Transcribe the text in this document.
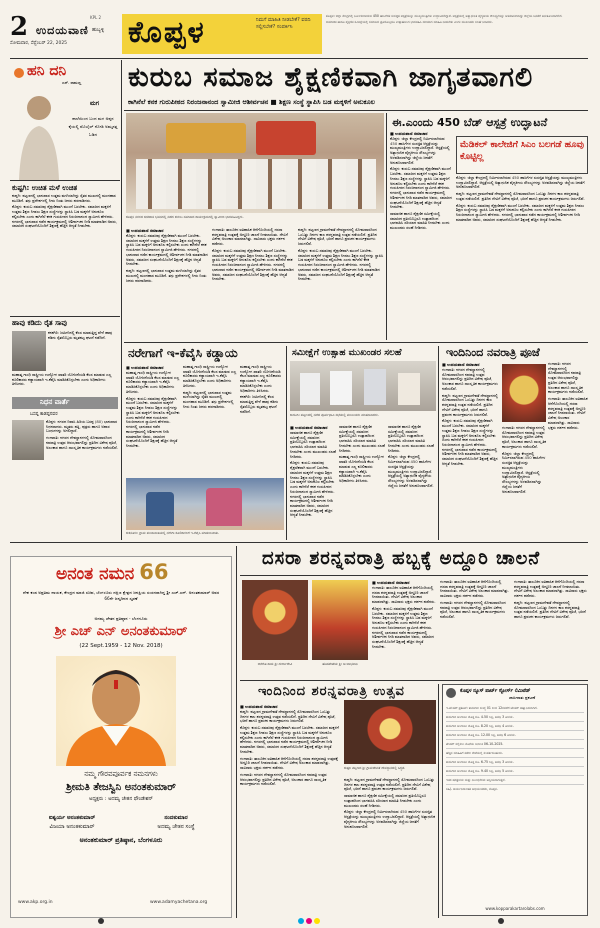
2	KPL 2
ಉದಯವಾಣಿ ಹುಬ್ಬಳ್ಳಿ
ಸೋಮವಾರ, ಸೆಪ್ಟೆಂಬರ್ 22, 2025 ಕೊಪ್ಪಳ	ನಿಮಗೆ ಮಾಹಿತಿ ನೀಡಬೇಕೆ? ವರದಿ ಸಲ್ಲಿಸಬೇಕೆ? ಸಂಪರ್ಕಿಸಿ

ಕೊಪ್ಪಳ: ಜಿಲ್ಲಾ ಕೇಂದ್ರದಲ್ಲಿ ನಿರ್ಮಿಸಲಾಗಿರುವ 450 ಹಾಸಿಗೆಗಳ ಸುಸಜ್ಜಿತ ಆಸ್ಪತ್ರೆಯನ್ನು ಮುಖ್ಯಮಂತ್ರಿಗಳು ಉದ್ಘಾಟಿಸಲಿದ್ದಾರೆ. ಆಸ್ಪತ್ರೆಯಲ್ಲಿ ಅತ್ಯಾಧುನಿಕ ವೈದ್ಯಕೀಯ ಸೌಲಭ್ಯಗಳನ್ನು ಅಳವಡಿಸಲಾಗಿದ್ದು ಜಿಲ್ಲೆಯ ಜನತೆಗೆ ಅನುಕೂಲವಾಗಲಿದೆ.

ಸಾಮಾಜಿಕ ಹಾಗೂ ಶೈಕ್ಷಣಿಕ ಸಮೀಕ್ಷೆಯಲ್ಲಿ ಸಮಾಜದ ಪ್ರತಿಯೊಬ್ಬರೂ ಉತ್ಸಾಹದಿಂದ ಭಾಗವಹಿಸಿ ಸರಿಯಾದ ಮಾಹಿತಿ ನೀಡಬೇಕು ಎಂದು ಮುಖಂಡರು ಸಲಹೆ ನೀಡಿದರು.

ಹನಿ ದನಿ
ಎಸ್. ರಾಮಣ್ಣ
ಮಗ
ಶಾಲೆಯಿಂದ ಬಂದ ಮಗ ಅಪ್ಪನ ಕೈಯಲ್ಲಿ ಮೊಬೈಲ್ ನೋಡಿ ಅಮ್ಮನತ್ತ ಓಡಿದ
ಕುಷ್ಟಗಿ: ಉಚಿತ ಮಳೆ ಉಚಿತ

ಕುಷ್ಟಗಿ: ಪಟ್ಟಣದಲ್ಲಿ ಭಾನುವಾರ ಉತ್ತಮ ಮಳೆಯಾಗಿದ್ದು ರೈತರ ಮುಖದಲ್ಲಿ ಮಂದಹಾಸ ಮೂಡಿದೆ. ತಗ್ಗು ಪ್ರದೇಶಗಳಲ್ಲಿ ನೀರು ನಿಂತು ಜನರು ಪರದಾಡಿದರು.

ಕೊಪ್ಪಳ: ಕುರುಬ ಸಮಾಜವು ಶೈಕ್ಷಣಿಕವಾಗಿ ಮುಂದೆ ಬರಬೇಕು. ಸಮಾಜದ ಮಕ್ಕಳಿಗೆ ಉತ್ತಮ ಶಿಕ್ಷಣ ನೀಡಲು ಶಿಕ್ಷಣ ಸಂಸ್ಥೆಗಳನ್ನು ಸ್ಥಾಪಿಸಿ ಬಡ ಮಕ್ಕಳಿಗೆ ಅನುಕೂಲ ಕಲ್ಪಿಸಬೇಕು ಎಂದು ಕಾಗಿನೆಲೆ ಕನಕ ಗುರುಪೀಠದ ನಿರಂಜನಾನಂದ ಸ್ವಾಮೀಜಿ ಹೇಳಿದರು. ನಗರದಲ್ಲಿ ಭಾನುವಾರ ನಡೆದ ಕಾರ್ಯಕ್ರಮದಲ್ಲಿ ಆಶೀರ್ವಚನ ನೀಡಿ ಮಾತನಾಡಿದ ಅವರು, ಸಮಾಜದ ಸಂಘಟನೆಯೊಂದಿಗೆ ಶಿಕ್ಷಣಕ್ಕೆ ಹೆಚ್ಚಿನ ಆದ್ಯತೆ ನೀಡಬೇಕು.

ಹಾವು ಕಡಿದು ರೈತ ಸಾವು

ಕನಕಗಿರಿ: ಜಮೀನಿನಲ್ಲಿ ಕೆಲಸ ಮಾಡುತ್ತಿದ್ದ ವೇಳೆ ಹಾವು ಕಡಿದು ರೈತರೊಬ್ಬರು ಮೃತಪಟ್ಟ ಘಟನೆ ನಡೆದಿದೆ.

ಮಹಾತ್ಮ ಗಾಂಧಿ ರಾಷ್ಟ್ರೀಯ ಉದ್ಯೋಗ ಖಾತರಿ ಯೋಜನೆಯಡಿ ಕೆಲಸ ಮಾಡುವ ಎಲ್ಲ ಕೂಲಿಕಾರರು ಕಡ್ಡಾಯವಾಗಿ ಇ-ಕೆವೈಸಿ ಮಾಡಿಸಿಕೊಳ್ಳಬೇಕು ಎಂದು ಅಧಿಕಾರಿಗಳು ತಿಳಿಸಿದರು.

ನಿಧನ ವಾರ್ತೆ
ಬಸಪ್ಪ ಕಾಡಪ್ಪನವರ

ಕೊಪ್ಪಳ: ನಗರದ ನಿವಾಸಿ ಹಿರಿಯ ಬಸಪ್ಪ (80) ಭಾನುವಾರ ನಿಧನರಾದರು. ಮೃತರು ಪತ್ನಿ, ಪುತ್ರರು ಹಾಗೂ ಅಪಾರ ಬಂಧುಗಳನ್ನು ಅಗಲಿದ್ದಾರೆ.

ಗಂಗಾವತಿ: ನಗರದ ದೇವಸ್ಥಾನಗಳಲ್ಲಿ ಸೋಮವಾರದಿಂದ ನವರಾತ್ರಿ ಉತ್ಸವ ಆರಂಭವಾಗಲಿದ್ದು ಪ್ರತಿದಿನ ವಿಶೇಷ ಪೂಜೆ, ಅಲಂಕಾರ ಹಾಗೂ ಸಾಂಸ್ಕೃತಿಕ ಕಾರ್ಯಕ್ರಮಗಳು ನಡೆಯಲಿವೆ.

ಕುರುಬ ಸಮಾಜ ಶೈಕ್ಷಣಿಕವಾಗಿ ಜಾಗೃತವಾಗಲಿ
ಕಾಗಿನೆಲೆ ಕನಕ ಗುರುಪೀಠದ ನಿರಂಜನಾನಂದ ಸ್ವಾಮೀಜಿ ಆಶೀರ್ವಚನ ■ ಶಿಕ್ಷಣ ಸಂಸ್ಥೆ ಸ್ಥಾಪಿಸಿ ಬಡ ಮಕ್ಕಳಿಗೆ ಅನುಕೂಲ
ಕೊಪ್ಪಳ ನಗರದ ಕನಕದಾಸ ಭವನದಲ್ಲಿ ನಡೆದ ಕುರುಬ ಸಮಾಜದ ಕಾರ್ಯಕ್ರಮದಲ್ಲಿ ಸ್ವಾಮೀಜಿ ಭಾಗವಹಿಸಿದ್ದರು.
■ ಉದಯವಾಣಿ ಸಮಾಚಾರ

ಕೊಪ್ಪಳ: ಕುರುಬ ಸಮಾಜವು ಶೈಕ್ಷಣಿಕವಾಗಿ ಮುಂದೆ ಬರಬೇಕು. ಸಮಾಜದ ಮಕ್ಕಳಿಗೆ ಉತ್ತಮ ಶಿಕ್ಷಣ ನೀಡಲು ಶಿಕ್ಷಣ ಸಂಸ್ಥೆಗಳನ್ನು ಸ್ಥಾಪಿಸಿ ಬಡ ಮಕ್ಕಳಿಗೆ ಅನುಕೂಲ ಕಲ್ಪಿಸಬೇಕು ಎಂದು ಕಾಗಿನೆಲೆ ಕನಕ ಗುರುಪೀಠದ ನಿರಂಜನಾನಂದ ಸ್ವಾಮೀಜಿ ಹೇಳಿದರು. ನಗರದಲ್ಲಿ ಭಾನುವಾರ ನಡೆದ ಕಾರ್ಯಕ್ರಮದಲ್ಲಿ ಆಶೀರ್ವಚನ ನೀಡಿ ಮಾತನಾಡಿದ ಅವರು, ಸಮಾಜದ ಸಂಘಟನೆಯೊಂದಿಗೆ ಶಿಕ್ಷಣಕ್ಕೆ ಹೆಚ್ಚಿನ ಆದ್ಯತೆ ನೀಡಬೇಕು.

ಕುಷ್ಟಗಿ: ಪಟ್ಟಣದಲ್ಲಿ ಭಾನುವಾರ ಉತ್ತಮ ಮಳೆಯಾಗಿದ್ದು ರೈತರ ಮುಖದಲ್ಲಿ ಮಂದಹಾಸ ಮೂಡಿದೆ. ತಗ್ಗು ಪ್ರದೇಶಗಳಲ್ಲಿ ನೀರು ನಿಂತು ಜನರು ಪರದಾಡಿದರು.

ಗಂಗಾವತಿ: ತಾಲೂಕಿನ ಐತಿಹಾಸಿಕ ಆನೆಗೊಂದಿಯಲ್ಲಿ ದಸರಾ ಶರನ್ನವರಾತ್ರಿ ಉತ್ಸವಕ್ಕೆ ಅದ್ದೂರಿ ಚಾಲನೆ ನೀಡಲಾಯಿತು. ದೇವಿಗೆ ವಿಶೇಷ ಅಲಂಕಾರ ಮಾಡಲಾಗಿತ್ತು. ಸಾವಿರಾರು ಭಕ್ತರು ದರ್ಶನ ಪಡೆದರು.

ಕೊಪ್ಪಳ: ಕುರುಬ ಸಮಾಜವು ಶೈಕ್ಷಣಿಕವಾಗಿ ಮುಂದೆ ಬರಬೇಕು. ಸಮಾಜದ ಮಕ್ಕಳಿಗೆ ಉತ್ತಮ ಶಿಕ್ಷಣ ನೀಡಲು ಶಿಕ್ಷಣ ಸಂಸ್ಥೆಗಳನ್ನು ಸ್ಥಾಪಿಸಿ ಬಡ ಮಕ್ಕಳಿಗೆ ಅನುಕೂಲ ಕಲ್ಪಿಸಬೇಕು ಎಂದು ಕಾಗಿನೆಲೆ ಕನಕ ಗುರುಪೀಠದ ನಿರಂಜನಾನಂದ ಸ್ವಾಮೀಜಿ ಹೇಳಿದರು. ನಗರದಲ್ಲಿ ಭಾನುವಾರ ನಡೆದ ಕಾರ್ಯಕ್ರಮದಲ್ಲಿ ಆಶೀರ್ವಚನ ನೀಡಿ ಮಾತನಾಡಿದ ಅವರು, ಸಮಾಜದ ಸಂಘಟನೆಯೊಂದಿಗೆ ಶಿಕ್ಷಣಕ್ಕೆ ಹೆಚ್ಚಿನ ಆದ್ಯತೆ ನೀಡಬೇಕು.

ಕುಷ್ಟಗಿ: ಪಟ್ಟಣದ ಗ್ರಾಮದೇವತೆ ದೇವಸ್ಥಾನದಲ್ಲಿ ಸೋಮವಾರದಿಂದ ಒಂಬತ್ತು ದಿನಗಳ ಕಾಲ ಶರನ್ನವರಾತ್ರಿ ಉತ್ಸವ ನಡೆಯಲಿದೆ. ಪ್ರತಿದಿನ ದೇವಿಗೆ ವಿಶೇಷ ಪೂಜೆ, ಭಜನೆ ಹಾಗೂ ಪ್ರವಚನ ಕಾರ್ಯಕ್ರಮಗಳು ಜರುಗಲಿವೆ.

ಕೊಪ್ಪಳ: ಕುರುಬ ಸಮಾಜವು ಶೈಕ್ಷಣಿಕವಾಗಿ ಮುಂದೆ ಬರಬೇಕು. ಸಮಾಜದ ಮಕ್ಕಳಿಗೆ ಉತ್ತಮ ಶಿಕ್ಷಣ ನೀಡಲು ಶಿಕ್ಷಣ ಸಂಸ್ಥೆಗಳನ್ನು ಸ್ಥಾಪಿಸಿ ಬಡ ಮಕ್ಕಳಿಗೆ ಅನುಕೂಲ ಕಲ್ಪಿಸಬೇಕು ಎಂದು ಕಾಗಿನೆಲೆ ಕನಕ ಗುರುಪೀಠದ ನಿರಂಜನಾನಂದ ಸ್ವಾಮೀಜಿ ಹೇಳಿದರು. ನಗರದಲ್ಲಿ ಭಾನುವಾರ ನಡೆದ ಕಾರ್ಯಕ್ರಮದಲ್ಲಿ ಆಶೀರ್ವಚನ ನೀಡಿ ಮಾತನಾಡಿದ ಅವರು, ಸಮಾಜದ ಸಂಘಟನೆಯೊಂದಿಗೆ ಶಿಕ್ಷಣಕ್ಕೆ ಹೆಚ್ಚಿನ ಆದ್ಯತೆ ನೀಡಬೇಕು.

ಈ.ಎಂಂದು 450 ಬೆಡ್ ಆಸ್ಪತ್ರೆ ಉದ್ಘಾಟನೆ
■ ಉದಯವಾಣಿ ಸಮಾಚಾರ

ಕೊಪ್ಪಳ: ಜಿಲ್ಲಾ ಕೇಂದ್ರದಲ್ಲಿ ನಿರ್ಮಿಸಲಾಗಿರುವ 450 ಹಾಸಿಗೆಗಳ ಸುಸಜ್ಜಿತ ಆಸ್ಪತ್ರೆಯನ್ನು ಮುಖ್ಯಮಂತ್ರಿಗಳು ಉದ್ಘಾಟಿಸಲಿದ್ದಾರೆ. ಆಸ್ಪತ್ರೆಯಲ್ಲಿ ಅತ್ಯಾಧುನಿಕ ವೈದ್ಯಕೀಯ ಸೌಲಭ್ಯಗಳನ್ನು ಅಳವಡಿಸಲಾಗಿದ್ದು ಜಿಲ್ಲೆಯ ಜನತೆಗೆ ಅನುಕೂಲವಾಗಲಿದೆ.

ಕೊಪ್ಪಳ: ಕುರುಬ ಸಮಾಜವು ಶೈಕ್ಷಣಿಕವಾಗಿ ಮುಂದೆ ಬರಬೇಕು. ಸಮಾಜದ ಮಕ್ಕಳಿಗೆ ಉತ್ತಮ ಶಿಕ್ಷಣ ನೀಡಲು ಶಿಕ್ಷಣ ಸಂಸ್ಥೆಗಳನ್ನು ಸ್ಥಾಪಿಸಿ ಬಡ ಮಕ್ಕಳಿಗೆ ಅನುಕೂಲ ಕಲ್ಪಿಸಬೇಕು ಎಂದು ಕಾಗಿನೆಲೆ ಕನಕ ಗುರುಪೀಠದ ನಿರಂಜನಾನಂದ ಸ್ವಾಮೀಜಿ ಹೇಳಿದರು. ನಗರದಲ್ಲಿ ಭಾನುವಾರ ನಡೆದ ಕಾರ್ಯಕ್ರಮದಲ್ಲಿ ಆಶೀರ್ವಚನ ನೀಡಿ ಮಾತನಾಡಿದ ಅವರು, ಸಮಾಜದ ಸಂಘಟನೆಯೊಂದಿಗೆ ಶಿಕ್ಷಣಕ್ಕೆ ಹೆಚ್ಚಿನ ಆದ್ಯತೆ ನೀಡಬೇಕು.

ಸಾಮಾಜಿಕ ಹಾಗೂ ಶೈಕ್ಷಣಿಕ ಸಮೀಕ್ಷೆಯಲ್ಲಿ ಸಮಾಜದ ಪ್ರತಿಯೊಬ್ಬರೂ ಉತ್ಸಾಹದಿಂದ ಭಾಗವಹಿಸಿ ಸರಿಯಾದ ಮಾಹಿತಿ ನೀಡಬೇಕು ಎಂದು ಮುಖಂಡರು ಸಲಹೆ ನೀಡಿದರು.

ಮೆಡಿಕಲ್ ಕಾಲೇಜಿಗೆ ಸಿಎಂ ಬಲಗಡೆ ಹೂವು ಕೊಟ್ಟಿಲ್ಲ

ಕೊಪ್ಪಳ: ಜಿಲ್ಲಾ ಕೇಂದ್ರದಲ್ಲಿ ನಿರ್ಮಿಸಲಾಗಿರುವ 450 ಹಾಸಿಗೆಗಳ ಸುಸಜ್ಜಿತ ಆಸ್ಪತ್ರೆಯನ್ನು ಮುಖ್ಯಮಂತ್ರಿಗಳು ಉದ್ಘಾಟಿಸಲಿದ್ದಾರೆ. ಆಸ್ಪತ್ರೆಯಲ್ಲಿ ಅತ್ಯಾಧುನಿಕ ವೈದ್ಯಕೀಯ ಸೌಲಭ್ಯಗಳನ್ನು ಅಳವಡಿಸಲಾಗಿದ್ದು ಜಿಲ್ಲೆಯ ಜನತೆಗೆ ಅನುಕೂಲವಾಗಲಿದೆ.

ಕುಷ್ಟಗಿ: ಪಟ್ಟಣದ ಗ್ರಾಮದೇವತೆ ದೇವಸ್ಥಾನದಲ್ಲಿ ಸೋಮವಾರದಿಂದ ಒಂಬತ್ತು ದಿನಗಳ ಕಾಲ ಶರನ್ನವರಾತ್ರಿ ಉತ್ಸವ ನಡೆಯಲಿದೆ. ಪ್ರತಿದಿನ ದೇವಿಗೆ ವಿಶೇಷ ಪೂಜೆ, ಭಜನೆ ಹಾಗೂ ಪ್ರವಚನ ಕಾರ್ಯಕ್ರಮಗಳು ಜರುಗಲಿವೆ.

ಕೊಪ್ಪಳ: ಕುರುಬ ಸಮಾಜವು ಶೈಕ್ಷಣಿಕವಾಗಿ ಮುಂದೆ ಬರಬೇಕು. ಸಮಾಜದ ಮಕ್ಕಳಿಗೆ ಉತ್ತಮ ಶಿಕ್ಷಣ ನೀಡಲು ಶಿಕ್ಷಣ ಸಂಸ್ಥೆಗಳನ್ನು ಸ್ಥಾಪಿಸಿ ಬಡ ಮಕ್ಕಳಿಗೆ ಅನುಕೂಲ ಕಲ್ಪಿಸಬೇಕು ಎಂದು ಕಾಗಿನೆಲೆ ಕನಕ ಗುರುಪೀಠದ ನಿರಂಜನಾನಂದ ಸ್ವಾಮೀಜಿ ಹೇಳಿದರು. ನಗರದಲ್ಲಿ ಭಾನುವಾರ ನಡೆದ ಕಾರ್ಯಕ್ರಮದಲ್ಲಿ ಆಶೀರ್ವಚನ ನೀಡಿ ಮಾತನಾಡಿದ ಅವರು, ಸಮಾಜದ ಸಂಘಟನೆಯೊಂದಿಗೆ ಶಿಕ್ಷಣಕ್ಕೆ ಹೆಚ್ಚಿನ ಆದ್ಯತೆ ನೀಡಬೇಕು.

ನರೇಗಾಗೆ ಇ-ಕೆವೈಸಿ ಕಡ್ಡಾಯ
■ ಉದಯವಾಣಿ ಸಮಾಚಾರ

ಮಹಾತ್ಮ ಗಾಂಧಿ ರಾಷ್ಟ್ರೀಯ ಉದ್ಯೋಗ ಖಾತರಿ ಯೋಜನೆಯಡಿ ಕೆಲಸ ಮಾಡುವ ಎಲ್ಲ ಕೂಲಿಕಾರರು ಕಡ್ಡಾಯವಾಗಿ ಇ-ಕೆವೈಸಿ ಮಾಡಿಸಿಕೊಳ್ಳಬೇಕು ಎಂದು ಅಧಿಕಾರಿಗಳು ತಿಳಿಸಿದರು.

ಕೊಪ್ಪಳ: ಕುರುಬ ಸಮಾಜವು ಶೈಕ್ಷಣಿಕವಾಗಿ ಮುಂದೆ ಬರಬೇಕು. ಸಮಾಜದ ಮಕ್ಕಳಿಗೆ ಉತ್ತಮ ಶಿಕ್ಷಣ ನೀಡಲು ಶಿಕ್ಷಣ ಸಂಸ್ಥೆಗಳನ್ನು ಸ್ಥಾಪಿಸಿ ಬಡ ಮಕ್ಕಳಿಗೆ ಅನುಕೂಲ ಕಲ್ಪಿಸಬೇಕು ಎಂದು ಕಾಗಿನೆಲೆ ಕನಕ ಗುರುಪೀಠದ ನಿರಂಜನಾನಂದ ಸ್ವಾಮೀಜಿ ಹೇಳಿದರು. ನಗರದಲ್ಲಿ ಭಾನುವಾರ ನಡೆದ ಕಾರ್ಯಕ್ರಮದಲ್ಲಿ ಆಶೀರ್ವಚನ ನೀಡಿ ಮಾತನಾಡಿದ ಅವರು, ಸಮಾಜದ ಸಂಘಟನೆಯೊಂದಿಗೆ ಶಿಕ್ಷಣಕ್ಕೆ ಹೆಚ್ಚಿನ ಆದ್ಯತೆ ನೀಡಬೇಕು.

ಮಹಾತ್ಮ ಗಾಂಧಿ ರಾಷ್ಟ್ರೀಯ ಉದ್ಯೋಗ ಖಾತರಿ ಯೋಜನೆಯಡಿ ಕೆಲಸ ಮಾಡುವ ಎಲ್ಲ ಕೂಲಿಕಾರರು ಕಡ್ಡಾಯವಾಗಿ ಇ-ಕೆವೈಸಿ ಮಾಡಿಸಿಕೊಳ್ಳಬೇಕು ಎಂದು ಅಧಿಕಾರಿಗಳು ತಿಳಿಸಿದರು.

ಕುಷ್ಟಗಿ: ಪಟ್ಟಣದಲ್ಲಿ ಭಾನುವಾರ ಉತ್ತಮ ಮಳೆಯಾಗಿದ್ದು ರೈತರ ಮುಖದಲ್ಲಿ ಮಂದಹಾಸ ಮೂಡಿದೆ. ತಗ್ಗು ಪ್ರದೇಶಗಳಲ್ಲಿ ನೀರು ನಿಂತು ಜನರು ಪರದಾಡಿದರು.

ಮಹಾತ್ಮ ಗಾಂಧಿ ರಾಷ್ಟ್ರೀಯ ಉದ್ಯೋಗ ಖಾತರಿ ಯೋಜನೆಯಡಿ ಕೆಲಸ ಮಾಡುವ ಎಲ್ಲ ಕೂಲಿಕಾರರು ಕಡ್ಡಾಯವಾಗಿ ಇ-ಕೆವೈಸಿ ಮಾಡಿಸಿಕೊಳ್ಳಬೇಕು ಎಂದು ಅಧಿಕಾರಿಗಳು ತಿಳಿಸಿದರು.

ಕನಕಗಿರಿ: ಜಮೀನಿನಲ್ಲಿ ಕೆಲಸ ಮಾಡುತ್ತಿದ್ದ ವೇಳೆ ಹಾವು ಕಡಿದು ರೈತರೊಬ್ಬರು ಮೃತಪಟ್ಟ ಘಟನೆ ನಡೆದಿದೆ.

ಕುಕನೂರು: ಗ್ರಾಮ ಪಂಚಾಯಿತಿಯಲ್ಲಿ ನರೇಗಾ ಕೂಲಿಕಾರರಿಗೆ ಇ-ಕೆವೈಸಿ ಮಾಡಲಾಯಿತು.
ಸಮೀಕ್ಷೆಗೆ ಉತ್ಸಾಹ ಮುಖಂಡರ ಸಲಹೆ
ಕಾರಟಗಿ: ಪಟ್ಟಣದಲ್ಲಿ ನಡೆದ ಪೂರ್ವಭಾವಿ ಸಭೆಯಲ್ಲಿ ಮುಖಂಡರು ಮಾತನಾಡಿದರು.
■ ಉದಯವಾಣಿ ಸಮಾಚಾರ

ಸಾಮಾಜಿಕ ಹಾಗೂ ಶೈಕ್ಷಣಿಕ ಸಮೀಕ್ಷೆಯಲ್ಲಿ ಸಮಾಜದ ಪ್ರತಿಯೊಬ್ಬರೂ ಉತ್ಸಾಹದಿಂದ ಭಾಗವಹಿಸಿ ಸರಿಯಾದ ಮಾಹಿತಿ ನೀಡಬೇಕು ಎಂದು ಮುಖಂಡರು ಸಲಹೆ ನೀಡಿದರು.

ಕೊಪ್ಪಳ: ಕುರುಬ ಸಮಾಜವು ಶೈಕ್ಷಣಿಕವಾಗಿ ಮುಂದೆ ಬರಬೇಕು. ಸಮಾಜದ ಮಕ್ಕಳಿಗೆ ಉತ್ತಮ ಶಿಕ್ಷಣ ನೀಡಲು ಶಿಕ್ಷಣ ಸಂಸ್ಥೆಗಳನ್ನು ಸ್ಥಾಪಿಸಿ ಬಡ ಮಕ್ಕಳಿಗೆ ಅನುಕೂಲ ಕಲ್ಪಿಸಬೇಕು ಎಂದು ಕಾಗಿನೆಲೆ ಕನಕ ಗುರುಪೀಠದ ನಿರಂಜನಾನಂದ ಸ್ವಾಮೀಜಿ ಹೇಳಿದರು. ನಗರದಲ್ಲಿ ಭಾನುವಾರ ನಡೆದ ಕಾರ್ಯಕ್ರಮದಲ್ಲಿ ಆಶೀರ್ವಚನ ನೀಡಿ ಮಾತನಾಡಿದ ಅವರು, ಸಮಾಜದ ಸಂಘಟನೆಯೊಂದಿಗೆ ಶಿಕ್ಷಣಕ್ಕೆ ಹೆಚ್ಚಿನ ಆದ್ಯತೆ ನೀಡಬೇಕು.

ಸಾಮಾಜಿಕ ಹಾಗೂ ಶೈಕ್ಷಣಿಕ ಸಮೀಕ್ಷೆಯಲ್ಲಿ ಸಮಾಜದ ಪ್ರತಿಯೊಬ್ಬರೂ ಉತ್ಸಾಹದಿಂದ ಭಾಗವಹಿಸಿ ಸರಿಯಾದ ಮಾಹಿತಿ ನೀಡಬೇಕು ಎಂದು ಮುಖಂಡರು ಸಲಹೆ ನೀಡಿದರು.

ಮಹಾತ್ಮ ಗಾಂಧಿ ರಾಷ್ಟ್ರೀಯ ಉದ್ಯೋಗ ಖಾತರಿ ಯೋಜನೆಯಡಿ ಕೆಲಸ ಮಾಡುವ ಎಲ್ಲ ಕೂಲಿಕಾರರು ಕಡ್ಡಾಯವಾಗಿ ಇ-ಕೆವೈಸಿ ಮಾಡಿಸಿಕೊಳ್ಳಬೇಕು ಎಂದು ಅಧಿಕಾರಿಗಳು ತಿಳಿಸಿದರು.

ಸಾಮಾಜಿಕ ಹಾಗೂ ಶೈಕ್ಷಣಿಕ ಸಮೀಕ್ಷೆಯಲ್ಲಿ ಸಮಾಜದ ಪ್ರತಿಯೊಬ್ಬರೂ ಉತ್ಸಾಹದಿಂದ ಭಾಗವಹಿಸಿ ಸರಿಯಾದ ಮಾಹಿತಿ ನೀಡಬೇಕು ಎಂದು ಮುಖಂಡರು ಸಲಹೆ ನೀಡಿದರು.

ಕೊಪ್ಪಳ: ಜಿಲ್ಲಾ ಕೇಂದ್ರದಲ್ಲಿ ನಿರ್ಮಿಸಲಾಗಿರುವ 450 ಹಾಸಿಗೆಗಳ ಸುಸಜ್ಜಿತ ಆಸ್ಪತ್ರೆಯನ್ನು ಮುಖ್ಯಮಂತ್ರಿಗಳು ಉದ್ಘಾಟಿಸಲಿದ್ದಾರೆ. ಆಸ್ಪತ್ರೆಯಲ್ಲಿ ಅತ್ಯಾಧುನಿಕ ವೈದ್ಯಕೀಯ ಸೌಲಭ್ಯಗಳನ್ನು ಅಳವಡಿಸಲಾಗಿದ್ದು ಜಿಲ್ಲೆಯ ಜನತೆಗೆ ಅನುಕೂಲವಾಗಲಿದೆ.

ಇಂದಿನಿಂದ ನವರಾತ್ರಿ ಪೂಜೆ
■ ಉದಯವಾಣಿ ಸಮಾಚಾರ

ಗಂಗಾವತಿ: ನಗರದ ದೇವಸ್ಥಾನಗಳಲ್ಲಿ ಸೋಮವಾರದಿಂದ ನವರಾತ್ರಿ ಉತ್ಸವ ಆರಂಭವಾಗಲಿದ್ದು ಪ್ರತಿದಿನ ವಿಶೇಷ ಪೂಜೆ, ಅಲಂಕಾರ ಹಾಗೂ ಸಾಂಸ್ಕೃತಿಕ ಕಾರ್ಯಕ್ರಮಗಳು ನಡೆಯಲಿವೆ.

ಕುಷ್ಟಗಿ: ಪಟ್ಟಣದ ಗ್ರಾಮದೇವತೆ ದೇವಸ್ಥಾನದಲ್ಲಿ ಸೋಮವಾರದಿಂದ ಒಂಬತ್ತು ದಿನಗಳ ಕಾಲ ಶರನ್ನವರಾತ್ರಿ ಉತ್ಸವ ನಡೆಯಲಿದೆ. ಪ್ರತಿದಿನ ದೇವಿಗೆ ವಿಶೇಷ ಪೂಜೆ, ಭಜನೆ ಹಾಗೂ ಪ್ರವಚನ ಕಾರ್ಯಕ್ರಮಗಳು ಜರುಗಲಿವೆ.

ಕೊಪ್ಪಳ: ಕುರುಬ ಸಮಾಜವು ಶೈಕ್ಷಣಿಕವಾಗಿ ಮುಂದೆ ಬರಬೇಕು. ಸಮಾಜದ ಮಕ್ಕಳಿಗೆ ಉತ್ತಮ ಶಿಕ್ಷಣ ನೀಡಲು ಶಿಕ್ಷಣ ಸಂಸ್ಥೆಗಳನ್ನು ಸ್ಥಾಪಿಸಿ ಬಡ ಮಕ್ಕಳಿಗೆ ಅನುಕೂಲ ಕಲ್ಪಿಸಬೇಕು ಎಂದು ಕಾಗಿನೆಲೆ ಕನಕ ಗುರುಪೀಠದ ನಿರಂಜನಾನಂದ ಸ್ವಾಮೀಜಿ ಹೇಳಿದರು. ನಗರದಲ್ಲಿ ಭಾನುವಾರ ನಡೆದ ಕಾರ್ಯಕ್ರಮದಲ್ಲಿ ಆಶೀರ್ವಚನ ನೀಡಿ ಮಾತನಾಡಿದ ಅವರು, ಸಮಾಜದ ಸಂಘಟನೆಯೊಂದಿಗೆ ಶಿಕ್ಷಣಕ್ಕೆ ಹೆಚ್ಚಿನ ಆದ್ಯತೆ ನೀಡಬೇಕು.

ಗಂಗಾವತಿ: ನಗರದ ದೇವಸ್ಥಾನಗಳಲ್ಲಿ ಸೋಮವಾರದಿಂದ ನವರಾತ್ರಿ ಉತ್ಸವ ಆರಂಭವಾಗಲಿದ್ದು ಪ್ರತಿದಿನ ವಿಶೇಷ ಪೂಜೆ, ಅಲಂಕಾರ ಹಾಗೂ ಸಾಂಸ್ಕೃತಿಕ ಕಾರ್ಯಕ್ರಮಗಳು ನಡೆಯಲಿವೆ.

ಗಂಗಾವತಿ: ತಾಲೂಕಿನ ಐತಿಹಾಸಿಕ ಆನೆಗೊಂದಿಯಲ್ಲಿ ದಸರಾ ಶರನ್ನವರಾತ್ರಿ ಉತ್ಸವಕ್ಕೆ ಅದ್ದೂರಿ ಚಾಲನೆ ನೀಡಲಾಯಿತು. ದೇವಿಗೆ ವಿಶೇಷ ಅಲಂಕಾರ ಮಾಡಲಾಗಿತ್ತು. ಸಾವಿರಾರು ಭಕ್ತರು ದರ್ಶನ ಪಡೆದರು.

ಗಂಗಾವತಿ: ನಗರದ ದೇವಸ್ಥಾನಗಳಲ್ಲಿ ಸೋಮವಾರದಿಂದ ನವರಾತ್ರಿ ಉತ್ಸವ ಆರಂಭವಾಗಲಿದ್ದು ಪ್ರತಿದಿನ ವಿಶೇಷ ಪೂಜೆ, ಅಲಂಕಾರ ಹಾಗೂ ಸಾಂಸ್ಕೃತಿಕ ಕಾರ್ಯಕ್ರಮಗಳು ನಡೆಯಲಿವೆ.

ಕೊಪ್ಪಳ: ಜಿಲ್ಲಾ ಕೇಂದ್ರದಲ್ಲಿ ನಿರ್ಮಿಸಲಾಗಿರುವ 450 ಹಾಸಿಗೆಗಳ ಸುಸಜ್ಜಿತ ಆಸ್ಪತ್ರೆಯನ್ನು ಮುಖ್ಯಮಂತ್ರಿಗಳು ಉದ್ಘಾಟಿಸಲಿದ್ದಾರೆ. ಆಸ್ಪತ್ರೆಯಲ್ಲಿ ಅತ್ಯಾಧುನಿಕ ವೈದ್ಯಕೀಯ ಸೌಲಭ್ಯಗಳನ್ನು ಅಳವಡಿಸಲಾಗಿದ್ದು ಜಿಲ್ಲೆಯ ಜನತೆಗೆ ಅನುಕೂಲವಾಗಲಿದೆ.

ಅನಂತ ನಮನ 66
ದೇಶ ಕಂಡ ಅಪ್ರತಿಮ ನಾಯಕ, ಕೇಂದ್ರದ ಮಾಜಿ ಸಚಿವ, ಬೆಂಗಳೂರು ದಕ್ಷಿಣ ಕ್ಷೇತ್ರದ ಜನಪ್ರಿಯ ಸಂಸದರಾಗಿದ್ದ ಶ್ರೀ ಎಚ್.ಎನ್. ಅನಂತಕುಮಾರ್ ಅವರ 66ನೇ ಜನ್ಮದಿನದ ಸ್ಮರಣೆ
ಅದಮ್ಯ ಚೇತನ ಪ್ರತಿಷ್ಠಾನ - ಬೆಂಗಳೂರು
ಶ್ರೀ ಎಚ್ ಎನ್ ಅನಂತಕುಮಾರ್
(22 Sept.1959 - 12 Nov. 2018)
ನಮ್ಮ ಗೌರವಪೂರ್ವಕ ನಮನಗಳು
ಶ್ರೀಮತಿ ತೇಜಸ್ವಿನಿ ಅನಂತಕುಮಾರ್
ಅಧ್ಯಕ್ಷರು : ಅದಮ್ಯ ಚೇತನ ಫೌಂಡೇಶನ್
ಐಶ್ವರ್ಯ ಅನಂತಕುಮಾರ್
ವಿಜಯಾ ಅನಂತಕುಮಾರ್
ನಂದಕುಮಾರ
ಅದಮ್ಯ ಚೇತನ ಸಂಸ್ಥೆ
ಅನಂತಕುಮಾರ್ ಪ್ರತಿಷ್ಠಾನ, ಬೆಂಗಳೂರು
www.akp.org.in	www.adamyachetana.org
ದಸರಾ ಶರನ್ನವರಾತ್ರಿ ಹಬ್ಬಕ್ಕೆ ಅದ್ದೂರಿ ಚಾಲನೆ
ಆನೆಗೊಂದಿಯ ಶ್ರೀ ದುರ್ಗಾದೇವಿ	ಹೊಸಪೇಟೆಯ ಶ್ರೀ ಅಂಬಾಭವಾನಿ
■ ಉದಯವಾಣಿ ಸಮಾಚಾರ

ಗಂಗಾವತಿ: ತಾಲೂಕಿನ ಐತಿಹಾಸಿಕ ಆನೆಗೊಂದಿಯಲ್ಲಿ ದಸರಾ ಶರನ್ನವರಾತ್ರಿ ಉತ್ಸವಕ್ಕೆ ಅದ್ದೂರಿ ಚಾಲನೆ ನೀಡಲಾಯಿತು. ದೇವಿಗೆ ವಿಶೇಷ ಅಲಂಕಾರ ಮಾಡಲಾಗಿತ್ತು. ಸಾವಿರಾರು ಭಕ್ತರು ದರ್ಶನ ಪಡೆದರು.

ಕೊಪ್ಪಳ: ಕುರುಬ ಸಮಾಜವು ಶೈಕ್ಷಣಿಕವಾಗಿ ಮುಂದೆ ಬರಬೇಕು. ಸಮಾಜದ ಮಕ್ಕಳಿಗೆ ಉತ್ತಮ ಶಿಕ್ಷಣ ನೀಡಲು ಶಿಕ್ಷಣ ಸಂಸ್ಥೆಗಳನ್ನು ಸ್ಥಾಪಿಸಿ ಬಡ ಮಕ್ಕಳಿಗೆ ಅನುಕೂಲ ಕಲ್ಪಿಸಬೇಕು ಎಂದು ಕಾಗಿನೆಲೆ ಕನಕ ಗುರುಪೀಠದ ನಿರಂಜನಾನಂದ ಸ್ವಾಮೀಜಿ ಹೇಳಿದರು. ನಗರದಲ್ಲಿ ಭಾನುವಾರ ನಡೆದ ಕಾರ್ಯಕ್ರಮದಲ್ಲಿ ಆಶೀರ್ವಚನ ನೀಡಿ ಮಾತನಾಡಿದ ಅವರು, ಸಮಾಜದ ಸಂಘಟನೆಯೊಂದಿಗೆ ಶಿಕ್ಷಣಕ್ಕೆ ಹೆಚ್ಚಿನ ಆದ್ಯತೆ ನೀಡಬೇಕು.

ಗಂಗಾವತಿ: ತಾಲೂಕಿನ ಐತಿಹಾಸಿಕ ಆನೆಗೊಂದಿಯಲ್ಲಿ ದಸರಾ ಶರನ್ನವರಾತ್ರಿ ಉತ್ಸವಕ್ಕೆ ಅದ್ದೂರಿ ಚಾಲನೆ ನೀಡಲಾಯಿತು. ದೇವಿಗೆ ವಿಶೇಷ ಅಲಂಕಾರ ಮಾಡಲಾಗಿತ್ತು. ಸಾವಿರಾರು ಭಕ್ತರು ದರ್ಶನ ಪಡೆದರು.

ಗಂಗಾವತಿ: ನಗರದ ದೇವಸ್ಥಾನಗಳಲ್ಲಿ ಸೋಮವಾರದಿಂದ ನವರಾತ್ರಿ ಉತ್ಸವ ಆರಂಭವಾಗಲಿದ್ದು ಪ್ರತಿದಿನ ವಿಶೇಷ ಪೂಜೆ, ಅಲಂಕಾರ ಹಾಗೂ ಸಾಂಸ್ಕೃತಿಕ ಕಾರ್ಯಕ್ರಮಗಳು ನಡೆಯಲಿವೆ.

ಗಂಗಾವತಿ: ತಾಲೂಕಿನ ಐತಿಹಾಸಿಕ ಆನೆಗೊಂದಿಯಲ್ಲಿ ದಸರಾ ಶರನ್ನವರಾತ್ರಿ ಉತ್ಸವಕ್ಕೆ ಅದ್ದೂರಿ ಚಾಲನೆ ನೀಡಲಾಯಿತು. ದೇವಿಗೆ ವಿಶೇಷ ಅಲಂಕಾರ ಮಾಡಲಾಗಿತ್ತು. ಸಾವಿರಾರು ಭಕ್ತರು ದರ್ಶನ ಪಡೆದರು.

ಕುಷ್ಟಗಿ: ಪಟ್ಟಣದ ಗ್ರಾಮದೇವತೆ ದೇವಸ್ಥಾನದಲ್ಲಿ ಸೋಮವಾರದಿಂದ ಒಂಬತ್ತು ದಿನಗಳ ಕಾಲ ಶರನ್ನವರಾತ್ರಿ ಉತ್ಸವ ನಡೆಯಲಿದೆ. ಪ್ರತಿದಿನ ದೇವಿಗೆ ವಿಶೇಷ ಪೂಜೆ, ಭಜನೆ ಹಾಗೂ ಪ್ರವಚನ ಕಾರ್ಯಕ್ರಮಗಳು ಜರುಗಲಿವೆ.

ಇಂದಿನಿಂದ ಶರನ್ನವರಾತ್ರಿ ಉತ್ಸವ
■ ಉದಯವಾಣಿ ಸಮಾಚಾರ

ಕುಷ್ಟಗಿ: ಪಟ್ಟಣದ ಗ್ರಾಮದೇವತೆ ದೇವಸ್ಥಾನದಲ್ಲಿ ಸೋಮವಾರದಿಂದ ಒಂಬತ್ತು ದಿನಗಳ ಕಾಲ ಶರನ್ನವರಾತ್ರಿ ಉತ್ಸವ ನಡೆಯಲಿದೆ. ಪ್ರತಿದಿನ ದೇವಿಗೆ ವಿಶೇಷ ಪೂಜೆ, ಭಜನೆ ಹಾಗೂ ಪ್ರವಚನ ಕಾರ್ಯಕ್ರಮಗಳು ಜರುಗಲಿವೆ.

ಕೊಪ್ಪಳ: ಕುರುಬ ಸಮಾಜವು ಶೈಕ್ಷಣಿಕವಾಗಿ ಮುಂದೆ ಬರಬೇಕು. ಸಮಾಜದ ಮಕ್ಕಳಿಗೆ ಉತ್ತಮ ಶಿಕ್ಷಣ ನೀಡಲು ಶಿಕ್ಷಣ ಸಂಸ್ಥೆಗಳನ್ನು ಸ್ಥಾಪಿಸಿ ಬಡ ಮಕ್ಕಳಿಗೆ ಅನುಕೂಲ ಕಲ್ಪಿಸಬೇಕು ಎಂದು ಕಾಗಿನೆಲೆ ಕನಕ ಗುರುಪೀಠದ ನಿರಂಜನಾನಂದ ಸ್ವಾಮೀಜಿ ಹೇಳಿದರು. ನಗರದಲ್ಲಿ ಭಾನುವಾರ ನಡೆದ ಕಾರ್ಯಕ್ರಮದಲ್ಲಿ ಆಶೀರ್ವಚನ ನೀಡಿ ಮಾತನಾಡಿದ ಅವರು, ಸಮಾಜದ ಸಂಘಟನೆಯೊಂದಿಗೆ ಶಿಕ್ಷಣಕ್ಕೆ ಹೆಚ್ಚಿನ ಆದ್ಯತೆ ನೀಡಬೇಕು.

ಗಂಗಾವತಿ: ತಾಲೂಕಿನ ಐತಿಹಾಸಿಕ ಆನೆಗೊಂದಿಯಲ್ಲಿ ದಸರಾ ಶರನ್ನವರಾತ್ರಿ ಉತ್ಸವಕ್ಕೆ ಅದ್ದೂರಿ ಚಾಲನೆ ನೀಡಲಾಯಿತು. ದೇವಿಗೆ ವಿಶೇಷ ಅಲಂಕಾರ ಮಾಡಲಾಗಿತ್ತು. ಸಾವಿರಾರು ಭಕ್ತರು ದರ್ಶನ ಪಡೆದರು.

ಗಂಗಾವತಿ: ನಗರದ ದೇವಸ್ಥಾನಗಳಲ್ಲಿ ಸೋಮವಾರದಿಂದ ನವರಾತ್ರಿ ಉತ್ಸವ ಆರಂಭವಾಗಲಿದ್ದು ಪ್ರತಿದಿನ ವಿಶೇಷ ಪೂಜೆ, ಅಲಂಕಾರ ಹಾಗೂ ಸಾಂಸ್ಕೃತಿಕ ಕಾರ್ಯಕ್ರಮಗಳು ನಡೆಯಲಿವೆ.

ಕುಷ್ಟಗಿ ಪಟ್ಟಣದ ಶ್ರೀ ಗ್ರಾಮದೇವತೆ ದೇವಸ್ಥಾನದಲ್ಲಿ ಸಿದ್ಧತೆ.

ಕುಷ್ಟಗಿ: ಪಟ್ಟಣದ ಗ್ರಾಮದೇವತೆ ದೇವಸ್ಥಾನದಲ್ಲಿ ಸೋಮವಾರದಿಂದ ಒಂಬತ್ತು ದಿನಗಳ ಕಾಲ ಶರನ್ನವರಾತ್ರಿ ಉತ್ಸವ ನಡೆಯಲಿದೆ. ಪ್ರತಿದಿನ ದೇವಿಗೆ ವಿಶೇಷ ಪೂಜೆ, ಭಜನೆ ಹಾಗೂ ಪ್ರವಚನ ಕಾರ್ಯಕ್ರಮಗಳು ಜರುಗಲಿವೆ.

ಸಾಮಾಜಿಕ ಹಾಗೂ ಶೈಕ್ಷಣಿಕ ಸಮೀಕ್ಷೆಯಲ್ಲಿ ಸಮಾಜದ ಪ್ರತಿಯೊಬ್ಬರೂ ಉತ್ಸಾಹದಿಂದ ಭಾಗವಹಿಸಿ ಸರಿಯಾದ ಮಾಹಿತಿ ನೀಡಬೇಕು ಎಂದು ಮುಖಂಡರು ಸಲಹೆ ನೀಡಿದರು.

ಕೊಪ್ಪಳ: ಜಿಲ್ಲಾ ಕೇಂದ್ರದಲ್ಲಿ ನಿರ್ಮಿಸಲಾಗಿರುವ 450 ಹಾಸಿಗೆಗಳ ಸುಸಜ್ಜಿತ ಆಸ್ಪತ್ರೆಯನ್ನು ಮುಖ್ಯಮಂತ್ರಿಗಳು ಉದ್ಘಾಟಿಸಲಿದ್ದಾರೆ. ಆಸ್ಪತ್ರೆಯಲ್ಲಿ ಅತ್ಯಾಧುನಿಕ ವೈದ್ಯಕೀಯ ಸೌಲಭ್ಯಗಳನ್ನು ಅಳವಡಿಸಲಾಗಿದ್ದು ಜಿಲ್ಲೆಯ ಜನತೆಗೆ ಅನುಕೂಲವಾಗಲಿದೆ.

ಕೊಪ್ಪಳ ನ್ಯೂಸ್ ಪಾರ್ಟ್ ಸ್ಟೋರ್ಸ್ ಲಿಮಿಟೆಡ್
ಜಾಹೀರಾತು ಪ್ರಕಟಣೆ
ಇ-ಟೆಂಡರ್ ಪ್ರಕಟಣೆ: ಕಾಮಗಾರಿ ಸಂಖ್ಯೆ 01 ರಿಂದ 12ರವರೆಗೆ ಟೆಂಡರ್ ಆಹ್ವಾನಿಸಲಾಗಿದೆ.
ಕಾಮಗಾರಿ ಅಂದಾಜು ಮೊತ್ತ ರೂ. 4.50 ಲಕ್ಷ, ಅವಧಿ 3 ತಿಂಗಳು.
ಕಾಮಗಾರಿ ಅಂದಾಜು ಮೊತ್ತ ರೂ. 8.20 ಲಕ್ಷ, ಅವಧಿ 4 ತಿಂಗಳು.
ಕಾಮಗಾರಿ ಅಂದಾಜು ಮೊತ್ತ ರೂ. 12.00 ಲಕ್ಷ, ಅವಧಿ 6 ತಿಂಗಳು.
ಟೆಂಡರ್ ಸಲ್ಲಿಸಲು ಕೊನೆಯ ದಿನಾಂಕ 06-10-2025.
ಹೆಚ್ಚಿನ ಮಾಹಿತಿಗೆ ಕಚೇರಿ ವೇಳೆಯಲ್ಲಿ ಸಂಪರ್ಕಿಸಬಹುದು.
ಕಾಮಗಾರಿ ಅಂದಾಜು ಮೊತ್ತ ರೂ. 6.75 ಲಕ್ಷ, ಅವಧಿ 3 ತಿಂಗಳು.
ಕಾಮಗಾರಿ ಅಂದಾಜು ಮೊತ್ತ ರೂ. 9.40 ಲಕ್ಷ, ಅವಧಿ 5 ತಿಂಗಳು.
ಇತರ ಷರತ್ತುಗಳು ಮತ್ತು ನಿಬಂಧನೆಗಳು ಅನ್ವಯವಾಗುತ್ತವೆ.
ಸಹಿ/- ಕಾರ್ಯನಿರ್ವಾಹಕ ಅಭಿಯಂತರರು, ಕೊಪ್ಪಳ.
www.kopparakartarolabs.com
